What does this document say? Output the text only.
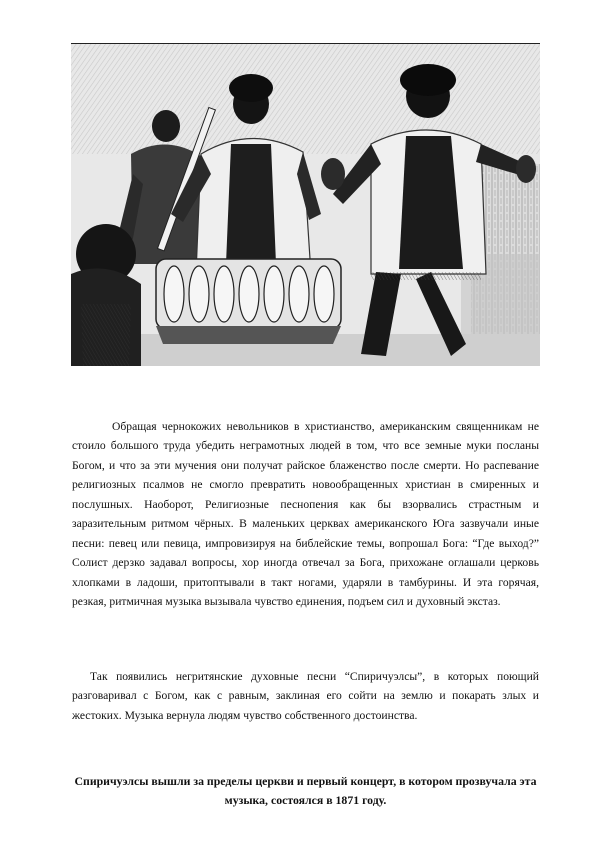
Обращая чернокожих невольников в христианство, американским священникам не стоило большого труда убедить неграмотных людей в том, что все земные муки посланы Богом, и что за эти мучения они получат райское блаженство после смерти. Но распевание религиозных псалмов не смогло превратить новообращенных христиан в смиренных и послушных. Наоборот, Религиозные песнопения как бы взорвались страстным и заразительным ритмом чёрных. В маленьких церквах американского Юга зазвучали иные песни: певец или певица, импровизируя на библейские темы, вопрошал Бога: “Где выход?” Солист дерзко задавал вопросы, хор иногда отвечал за Бога, прихожане оглашали церковь хлопками в ладоши, притоптывали в такт ногами, ударяли в тамбурины. И эта горячая, резкая, ритмичная музыка вызывала чувство единения, подъем сил и духовный экстаз.

Так появились негритянские духовные песни “Спиричуэлсы”, в которых поющий разговаривал с Богом, как с равным, заклиная его сойти на землю и покарать злых и жестоких. Музыка вернула людям чувство собственного достоинства.

Спиричуэлсы вышли за пределы церкви и первый концерт, в котором прозвучала эта музыка, состоялся в 1871 году.
